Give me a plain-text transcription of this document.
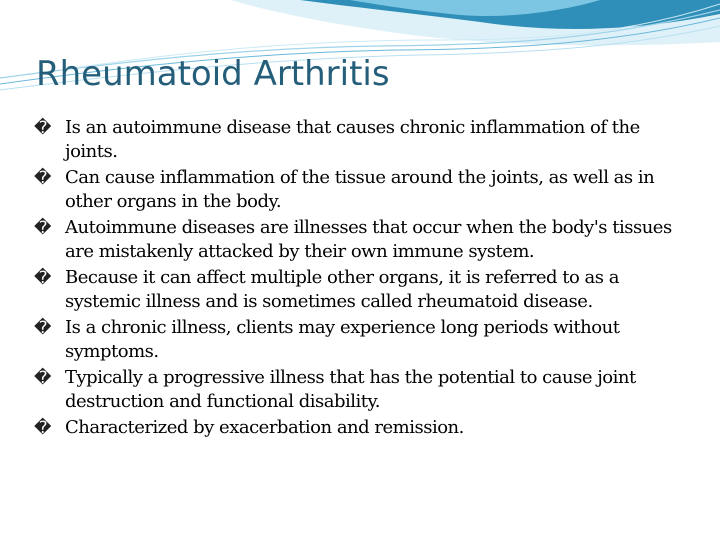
Rheumatoid Arthritis
� Is an autoimmune disease that causes chronic inflammation of the joints.
� Can cause inflammation of the tissue around the joints, as well as in other organs in the body.
� Autoimmune diseases are illnesses that occur when the body's tissues are mistakenly attacked by their own immune system.
� Because it can affect multiple other organs, it is referred to as a systemic illness and is sometimes called rheumatoid disease.
� Is a chronic illness, clients may experience long periods without symptoms.
� Typically a progressive illness that has the potential to cause joint destruction and functional disability.
� Characterized by exacerbation and remission.
